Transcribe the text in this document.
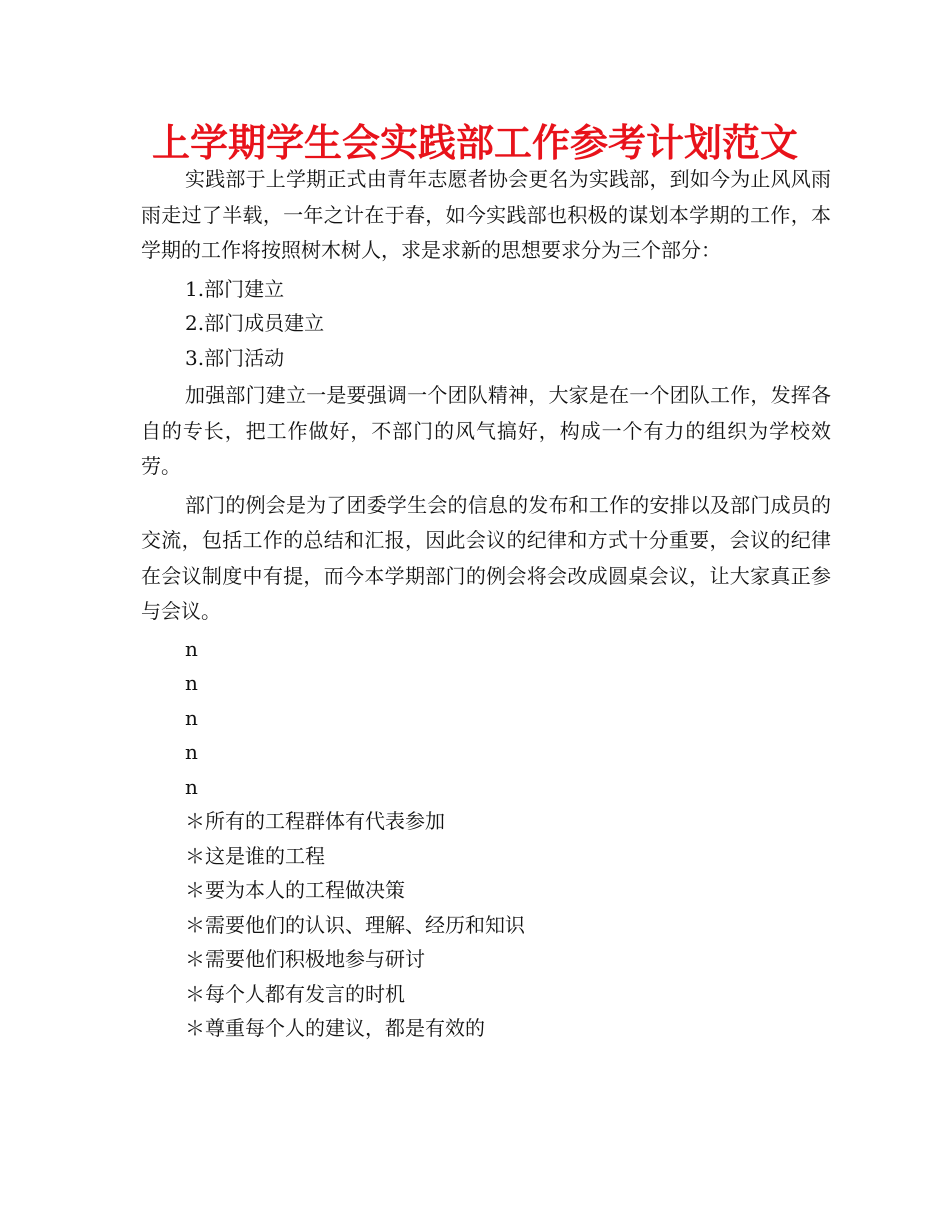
上学期学生会实践部工作参考计划范文

实践部于上学期正式由青年志愿者协会更名为实践部，到如今为止风风雨雨走过了半载，一年之计在于春，如今实践部也积极的谋划本学期的工作，本学期的工作将按照树木树人，求是求新的思想要求分为三个部分：

1.部门建立

2.部门成员建立

3.部门活动

加强部门建立一是要强调一个团队精神，大家是在一个团队工作，发挥各自的专长，把工作做好，不部门的风气搞好，构成一个有力的组织为学校效劳。

部门的例会是为了团委学生会的信息的发布和工作的安排以及部门成员的交流，包括工作的总结和汇报，因此会议的纪律和方式十分重要，会议的纪律在会议制度中有提，而今本学期部门的例会将会改成圆桌会议，让大家真正参与会议。

n

n

n

n

n

＊所有的工程群体有代表参加

＊这是谁的工程

＊要为本人的工程做决策

＊需要他们的认识、理解、经历和知识

＊需要他们积极地参与研讨

＊每个人都有发言的时机

＊尊重每个人的建议，都是有效的
